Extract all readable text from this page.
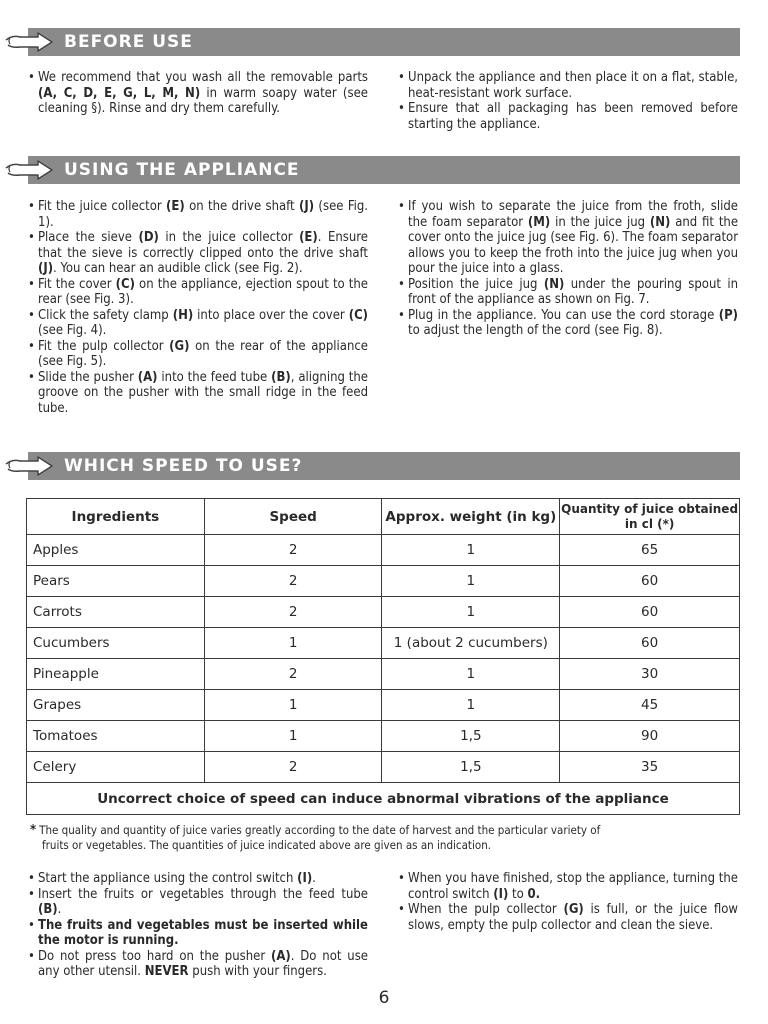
BEFORE USE
• We recommend that you wash all the removable parts (A, C, D, E, G, L, M, N) in warm soapy water (see cleaning §). Rinse and dry them carefully.
• Unpack the appliance and then place it on a flat, stable, heat-resistant work surface.
• Ensure that all packaging has been removed before starting the appliance.
USING THE APPLIANCE
• Fit the juice collector (E) on the drive shaft (J) (see Fig. 1).
• Place the sieve (D) in the juice collector (E). Ensure that the sieve is correctly clipped onto the drive shaft (J). You can hear an audible click (see Fig. 2).
• Fit the cover (C) on the appliance, ejection spout to the rear (see Fig. 3).
• Click the safety clamp (H) into place over the cover (C) (see Fig. 4).
• Fit the pulp collector (G) on the rear of the appliance (see Fig. 5).
• Slide the pusher (A) into the feed tube (B), aligning the groove on the pusher with the small ridge in the feed tube.
• If you wish to separate the juice from the froth, slide the foam separator (M) in the juice jug (N) and fit the cover onto the juice jug (see Fig. 6). The foam separator allows you to keep the froth into the juice jug when you pour the juice into a glass.
• Position the juice jug (N) under the pouring spout in front of the appliance as shown on Fig. 7.
• Plug in the appliance. You can use the cord storage (P) to adjust the length of the cord (see Fig. 8).
WHICH SPEED TO USE?
Ingredients	Speed	Approx. weight (in kg)	Quantity of juice obtained in cl (*)
Apples	2	1	65
Pears	2	1	60
Carrots	2	1	60
Cucumbers	1	1 (about 2 cucumbers)	60
Pineapple	2	1	30
Grapes	1	1	45
Tomatoes	1	1,5	90
Celery	2	1,5	35
Uncorrect choice of speed can induce abnormal vibrations of the appliance			
* The quality and quantity of juice varies greatly according to the date of harvest and the particular variety of
fruits or vegetables. The quantities of juice indicated above are given as an indication.
• Start the appliance using the control switch (I).
• Insert the fruits or vegetables through the feed tube (B).
• The fruits and vegetables must be inserted while the motor is running.
• Do not press too hard on the pusher (A). Do not use any other utensil. NEVER push with your fingers.
• When you have finished, stop the appliance, turning the control switch (I) to 0.
• When the pulp collector (G) is full, or the juice flow slows, empty the pulp collector and clean the sieve.
6
